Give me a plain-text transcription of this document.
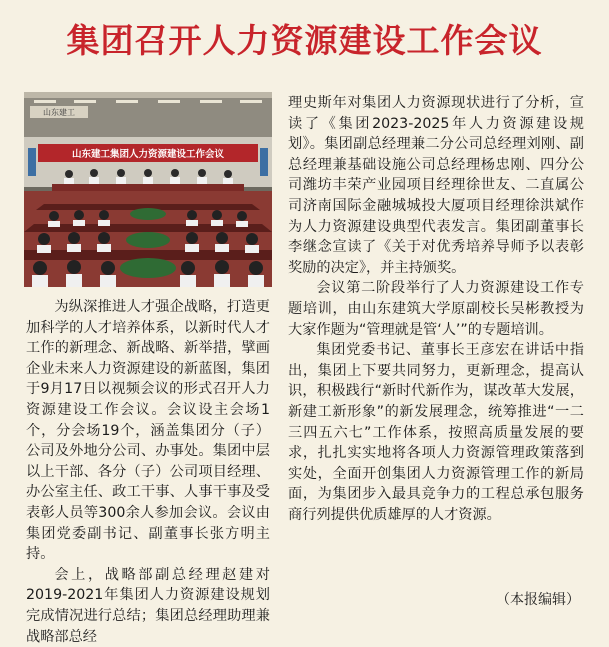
集团召开人力资源建设工作会议
山东建工
山东建工集团人力资源建设工作会议

为纵深推进人才强企战略，打造更加科学的人才培养体系，以新时代人才工作的新理念、新战略、新举措，擘画企业未来人力资源建设的新蓝图，集团于9月17日以视频会议的形式召开人力资源建设工作会议。会议设主会场1个，分会场19个，涵盖集团分（子）公司及外地分公司、办事处。集团中层以上干部、各分（子）公司项目经理、办公室主任、政工干事、人事干事及受表彰人员等300余人参加会议。会议由集团党委副书记、副董事长张方明主持。

会上，战略部副总经理赵建对2019-2021年集团人力资源建设规划完成情况进行总结；集团总经理助理兼战略部总经

理史斯年对集团人力资源现状进行了分析，宣读了《集团2023-2025年人力资源建设规划》。集团副总经理兼二分公司总经理刘刚、副总经理兼基础设施公司总经理杨忠刚、四分公司潍坊丰荣产业园项目经理徐世友、二直属公司济南国际金融城城投大厦项目经理徐洪斌作为人力资源建设典型代表发言。集团副董事长李继念宣读了《关于对优秀培养导师予以表彰奖励的决定》，并主持颁奖。

会议第二阶段举行了人力资源建设工作专题培训，由山东建筑大学原副校长吴彬教授为大家作题为“管理就是管‘人’”的专题培训。

集团党委书记、董事长王彦宏在讲话中指出，集团上下要共同努力，更新理念，提高认识，积极践行“新时代新作为，谋改革大发展，新建工新形象”的新发展理念，统筹推进“一二三四五六七”工作体系，按照高质量发展的要求，扎扎实实地将各项人力资源管理政策落到实处，全面开创集团人力资源管理工作的新局面，为集团步入最具竞争力的工程总承包服务商行列提供优质雄厚的人才资源。

（本报编辑）
